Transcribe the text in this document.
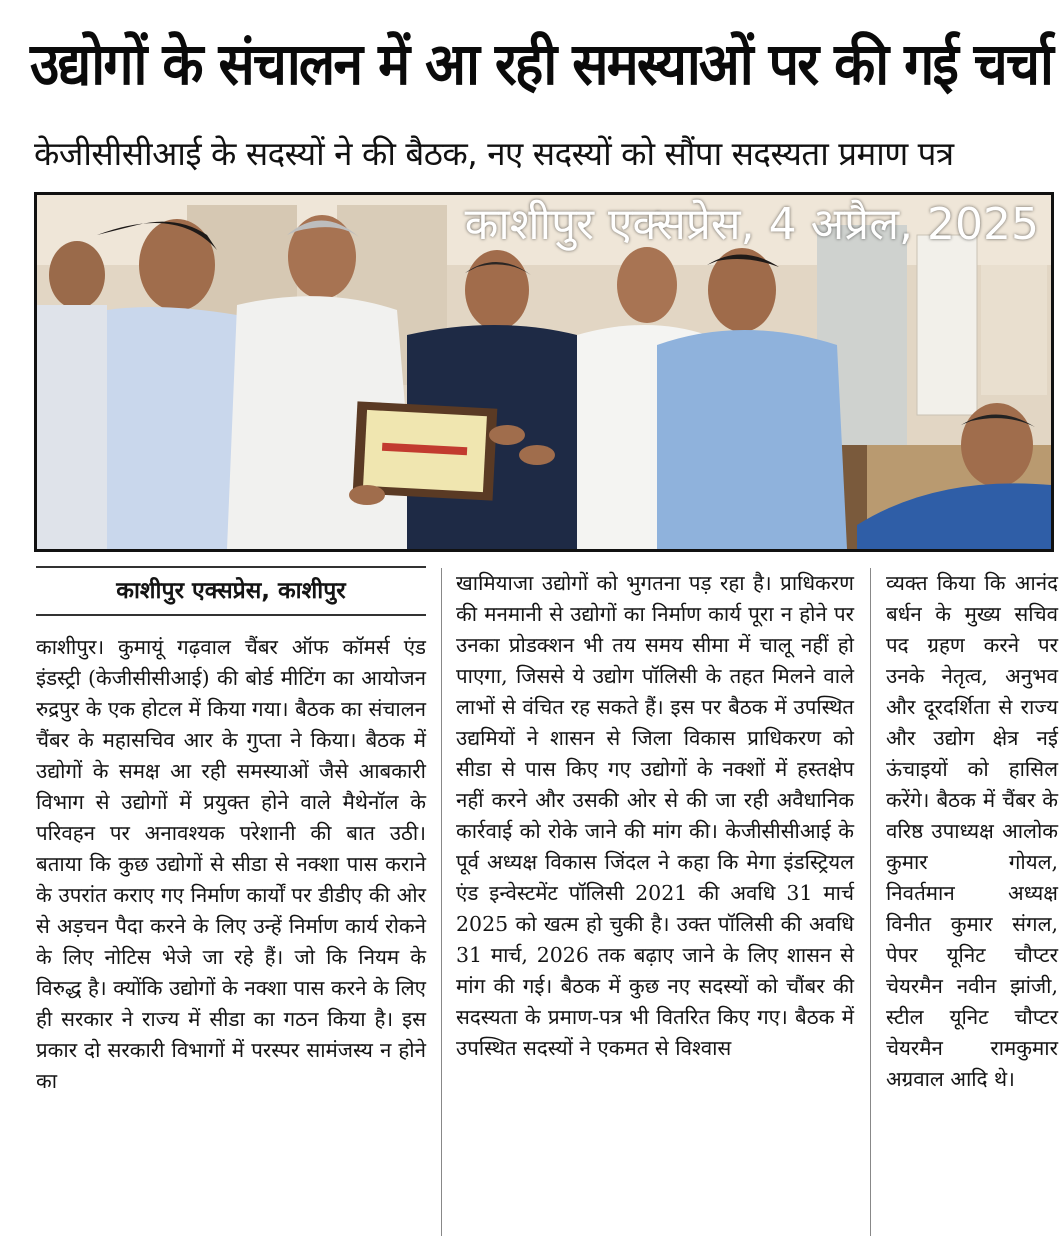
उद्योगों के संचालन में आ रही समस्याओं पर की गई चर्चा
केजीसीसीआई के सदस्यों ने की बैठक, नए सदस्यों को सौंपा सदस्यता प्रमाण पत्र
काशीपुर एक्सप्रेस, 4 अप्रैल, 2025
काशीपुर एक्सप्रेस, काशीपुर

काशीपुर। कुमायूं गढ़वाल चैंबर ऑफ कॉमर्स एंड इंडस्ट्री (केजीसीसीआई) की बोर्ड मीटिंग का आयोजन रुद्रपुर के एक होटल में किया गया। बैठक का संचालन चैंबर के महासचिव आर के गुप्ता ने किया। बैठक में उद्योगों के समक्ष आ रही समस्याओं जैसे आबकारी विभाग से उद्योगों में प्रयुक्त होने वाले मैथेनॉल के परिवहन पर अनावश्यक परेशानी की बात उठी। बताया कि कुछ उद्योगों से सीडा से नक्शा पास कराने के उपरांत कराए गए निर्माण कार्यों पर डीडीए की ओर से अड़चन पैदा करने के लिए उन्हें निर्माण कार्य रोकने के लिए नोटिस भेजे जा रहे हैं। जो कि नियम के विरुद्ध है। क्योंकि उद्योगों के नक्शा पास करने के लिए ही सरकार ने राज्य में सीडा का गठन किया है। इस प्रकार दो सरकारी विभागों में परस्पर सामंजस्य न होने का

खामियाजा उद्योगों को भुगतना पड़ रहा है। प्राधिकरण की मनमानी से उद्योगों का निर्माण कार्य पूरा न होने पर उनका प्रोडक्शन भी तय समय सीमा में चालू नहीं हो पाएगा, जिससे ये उद्योग पॉलिसी के तहत मिलने वाले लाभों से वंचित रह सकते हैं। इस पर बैठक में उपस्थित उद्यमियों ने शासन से जिला विकास प्राधिकरण को सीडा से पास किए गए उद्योगों के नक्शों में हस्तक्षेप नहीं करने और उसकी ओर से की जा रही अवैधानिक कार्रवाई को रोके जाने की मांग की। केजीसीसीआई के पूर्व अध्यक्ष विकास जिंदल ने कहा कि मेगा इंडस्ट्रियल एंड इन्वेस्टमेंट पॉलिसी 2021 की अवधि 31 मार्च 2025 को खत्म हो चुकी है। उक्त पॉलिसी की अवधि 31 मार्च, 2026 तक बढ़ाए जाने के लिए शासन से मांग की गई। बैठक में कुछ नए सदस्यों को चौंबर की सदस्यता के प्रमाण-पत्र भी वितरित किए गए। बैठक में उपस्थित सदस्यों ने एकमत से विश्वास

व्यक्त किया कि आनंद बर्धन के मुख्य सचिव पद ग्रहण करने पर उनके नेतृत्व, अनुभव और दूरदर्शिता से राज्य और उद्योग क्षेत्र नई ऊंचाइयों को हासिल करेंगे। बैठक में चैंबर के वरिष्ठ उपाध्यक्ष आलोक कुमार गोयल, निवर्तमान अध्यक्ष विनीत कुमार संगल, पेपर यूनिट चौप्टर चेयरमैन नवीन झांजी, स्टील यूनिट चौप्टर चेयरमैन रामकुमार अग्रवाल आदि थे।
